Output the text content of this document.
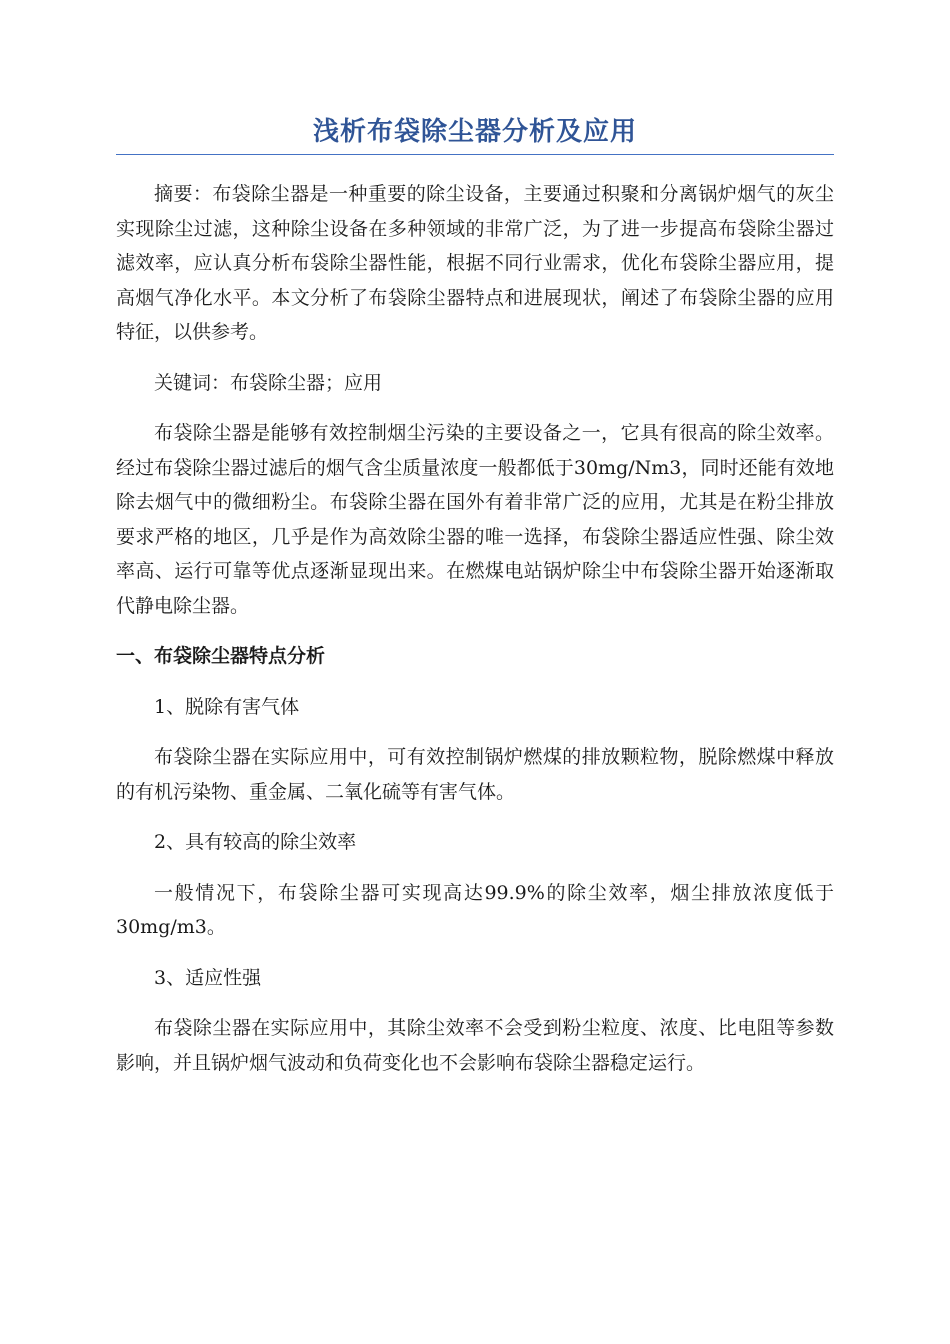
浅析布袋除尘器分析及应用

摘要：布袋除尘器是一种重要的除尘设备，主要通过积聚和分离锅炉烟气的灰尘实现除尘过滤，这种除尘设备在多种领域的非常广泛，为了进一步提高布袋除尘器过滤效率，应认真分析布袋除尘器性能，根据不同行业需求，优化布袋除尘器应用，提高烟气净化水平。本文分析了布袋除尘器特点和进展现状，阐述了布袋除尘器的应用特征，以供参考。

关键词：布袋除尘器；应用

布袋除尘器是能够有效控制烟尘污染的主要设备之一，它具有很高的除尘效率。经过布袋除尘器过滤后的烟气含尘质量浓度一般都低于30mg/Nm3，同时还能有效地除去烟气中的微细粉尘。布袋除尘器在国外有着非常广泛的应用，尤其是在粉尘排放要求严格的地区，几乎是作为高效除尘器的唯一选择，布袋除尘器适应性强、除尘效率高、运行可靠等优点逐渐显现出来。在燃煤电站锅炉除尘中布袋除尘器开始逐渐取代静电除尘器。

一、布袋除尘器特点分析

1、脱除有害气体

布袋除尘器在实际应用中，可有效控制锅炉燃煤的排放颗粒物，脱除燃煤中释放的有机污染物、重金属、二氧化硫等有害气体。

2、具有较高的除尘效率

一般情况下，布袋除尘器可实现高达99.9%的除尘效率，烟尘排放浓度低于30mg/m3。

3、适应性强

布袋除尘器在实际应用中，其除尘效率不会受到粉尘粒度、浓度、比电阻等参数影响，并且锅炉烟气波动和负荷变化也不会影响布袋除尘器稳定运行。
